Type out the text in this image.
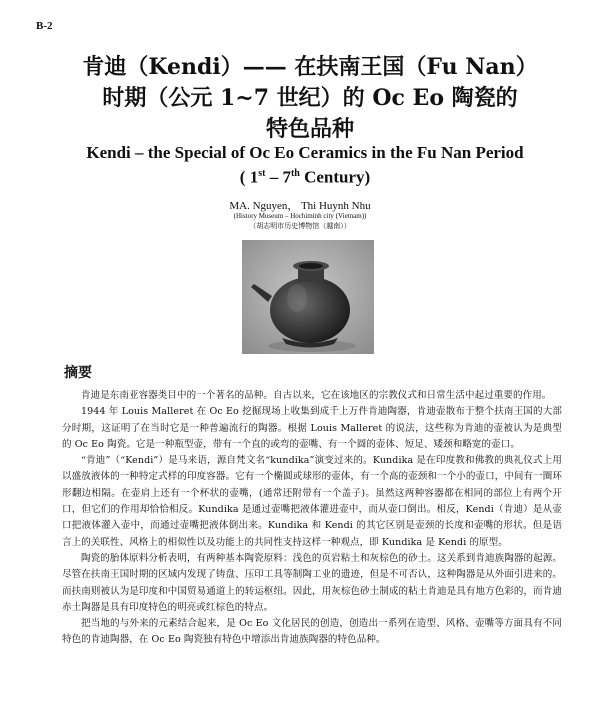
B-2
肯迪（Kendi）—— 在扶南王国（Fu Nan）
时期（公元 1~7 世纪）的 Oc Eo 陶瓷的
特色品种
Kendi – the Special of Oc Eo Ceramics in the Fu Nan Period
( 1st – 7th Century)
MA. Nguyen， Thi Huynh Nhu
(History Museum – Hochiminh city (Vietnam))
（胡志明市历史博物馆（越南））
摘要

肯迪是东南亚容器类目中的一个著名的品种。自古以来，它在该地区的宗教仪式和日常生活中起过重要的作用。

1944 年 Louis Malleret 在 Oc Eo 挖掘现场上收集到成千上万件肯迪陶器，肯迪壶散布于整个扶南王国的大部分时期，这证明了在当时它是一种普遍流行的陶器。根据 Louis Malleret 的说法，这些称为肯迪的壶被认为是典型的 Oc Eo 陶瓷。它是一种瓶型壶，带有一个直的或弯的壶嘴、有一个圆的壶体、短足、矮颈和略宽的壶口。

“肯迪”（“Kendi”）是马来语，源自梵文名“kundika”演变过来的。Kundika 是在印度教和佛教的典礼仪式上用以盛放液体的一种特定式样的印度容器。它有一个椭圆或球形的壶体，有一个高的壶颈和一个小的壶口，中间有一圈环形翻边相隔。在壶肩上还有一个杯状的壶嘴，(通常还附带有一个盖子)。虽然这两种容器都在相同的部位上有两个开口，但它们的作用却恰恰相反。Kundika 是通过壶嘴把液体灌进壶中，而从壶口倒出。相反，Kendi（肯迪）是从壶口把液体灌入壶中，而通过壶嘴把液体倒出来。Kundika 和 Kendi 的其它区别是壶颈的长度和壶嘴的形状。但是语言上的关联性、风格上的相似性以及功能上的共同性支持这样一种观点，即 Kundika 是 Kendi 的原型。

陶瓷的胎体原料分析表明，有两种基本陶瓷原料：浅色的页岩粘土和灰棕色的砂土。这关系到肯迪族陶器的起源。尽管在扶南王国时期的区域内发现了铸盘、压印工具等制陶工业的遗迹，但是不可否认，这种陶器是从外面引进来的。而扶南则被认为是印度和中国贸易通道上的转运枢纽。因此，用灰棕色砂土制成的粘土肯迪是具有地方色彩的，而肯迪赤土陶器是具有印度特色的明亮或红棕色的特点。

把当地的与外来的元素结合起来，是 Oc Eo 文化居民的创造，创造出一系列在造型、风格、壶嘴等方面具有不同特色的肯迪陶器，在 Oc Eo 陶瓷独有特色中增添出肯迪族陶器的特色品种。
